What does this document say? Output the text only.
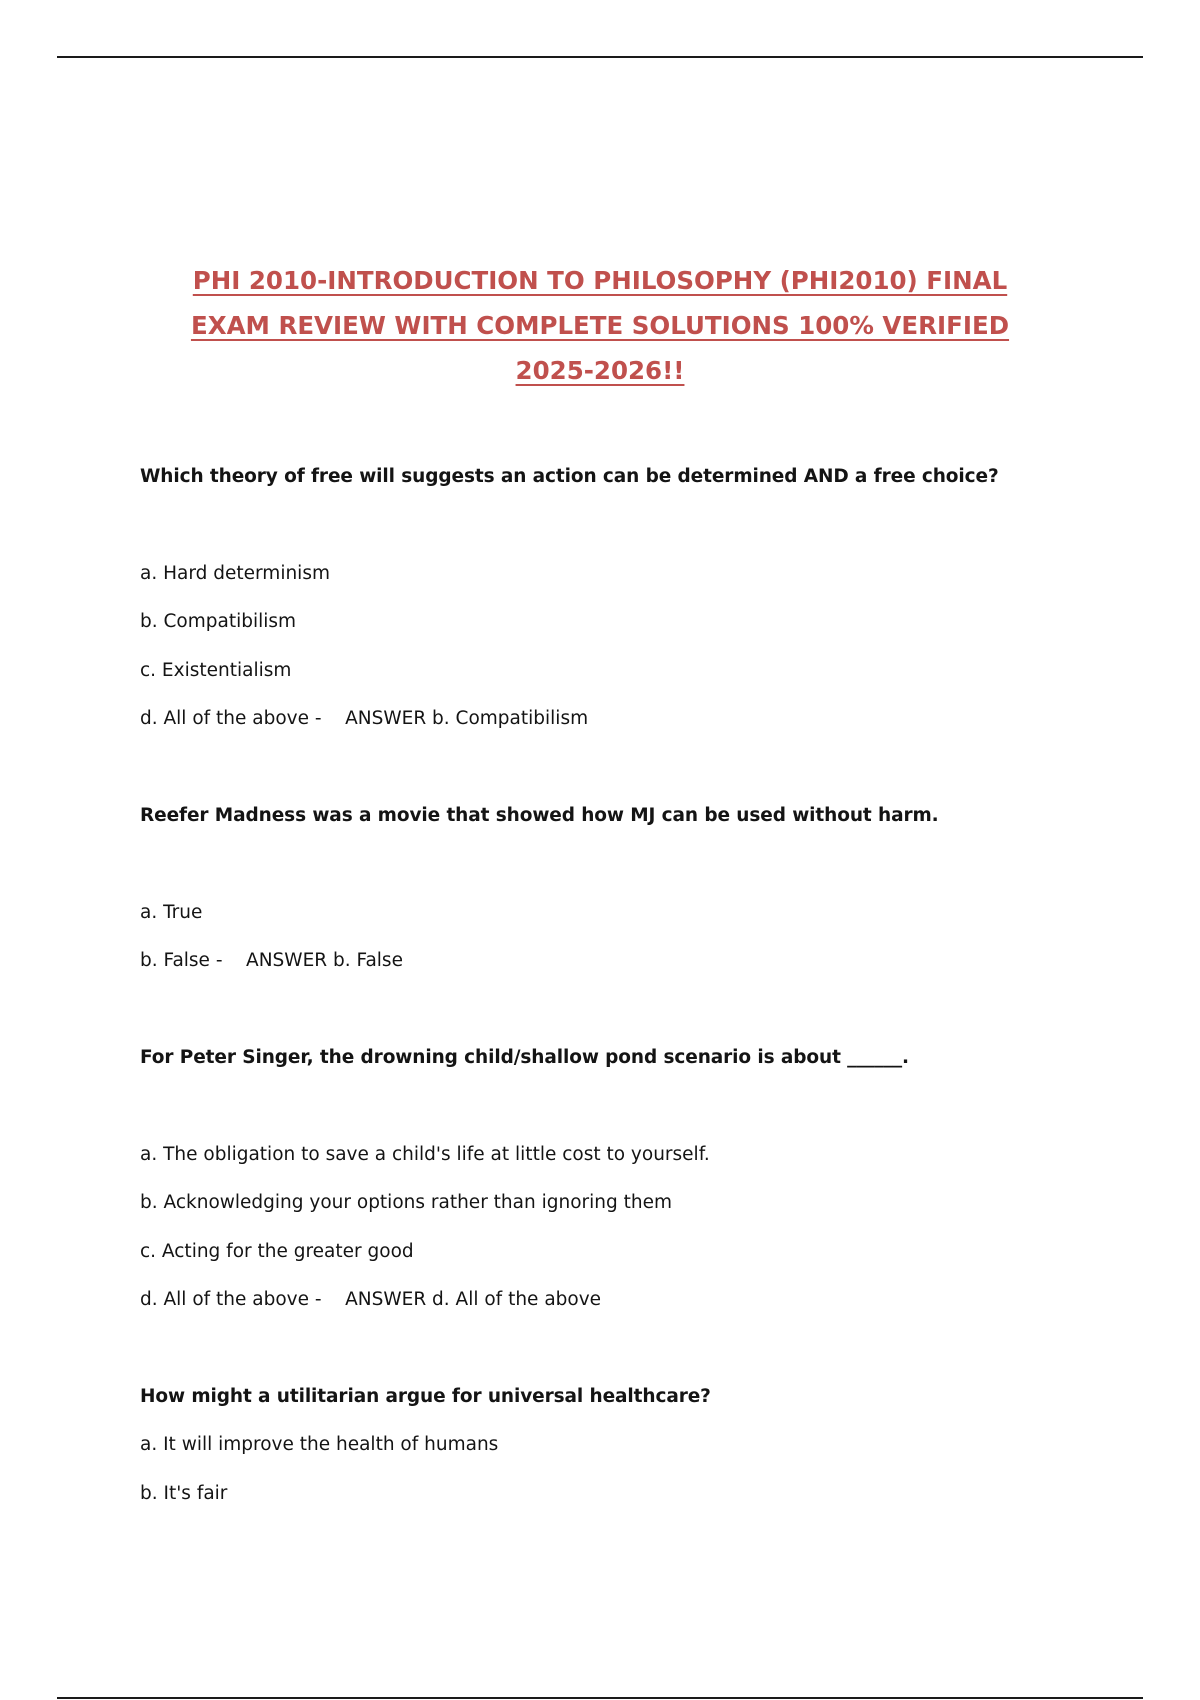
PHI 2010-INTRODUCTION TO PHILOSOPHY (PHI2010) FINAL
EXAM REVIEW WITH COMPLETE SOLUTIONS 100% VERIFIED
2025-2026!!
Which theory of free will suggests an action can be determined AND a free choice?
a. Hard determinism
b. Compatibilism
c. Existentialism
d. All of the above - ANSWER b. Compatibilism
Reefer Madness was a movie that showed how MJ can be used without harm.
a. True
b. False - ANSWER b. False
For Peter Singer, the drowning child/shallow pond scenario is about ______.
a. The obligation to save a child's life at little cost to yourself.
b. Acknowledging your options rather than ignoring them
c. Acting for the greater good
d. All of the above - ANSWER d. All of the above
How might a utilitarian argue for universal healthcare?
a. It will improve the health of humans
b. It's fair
